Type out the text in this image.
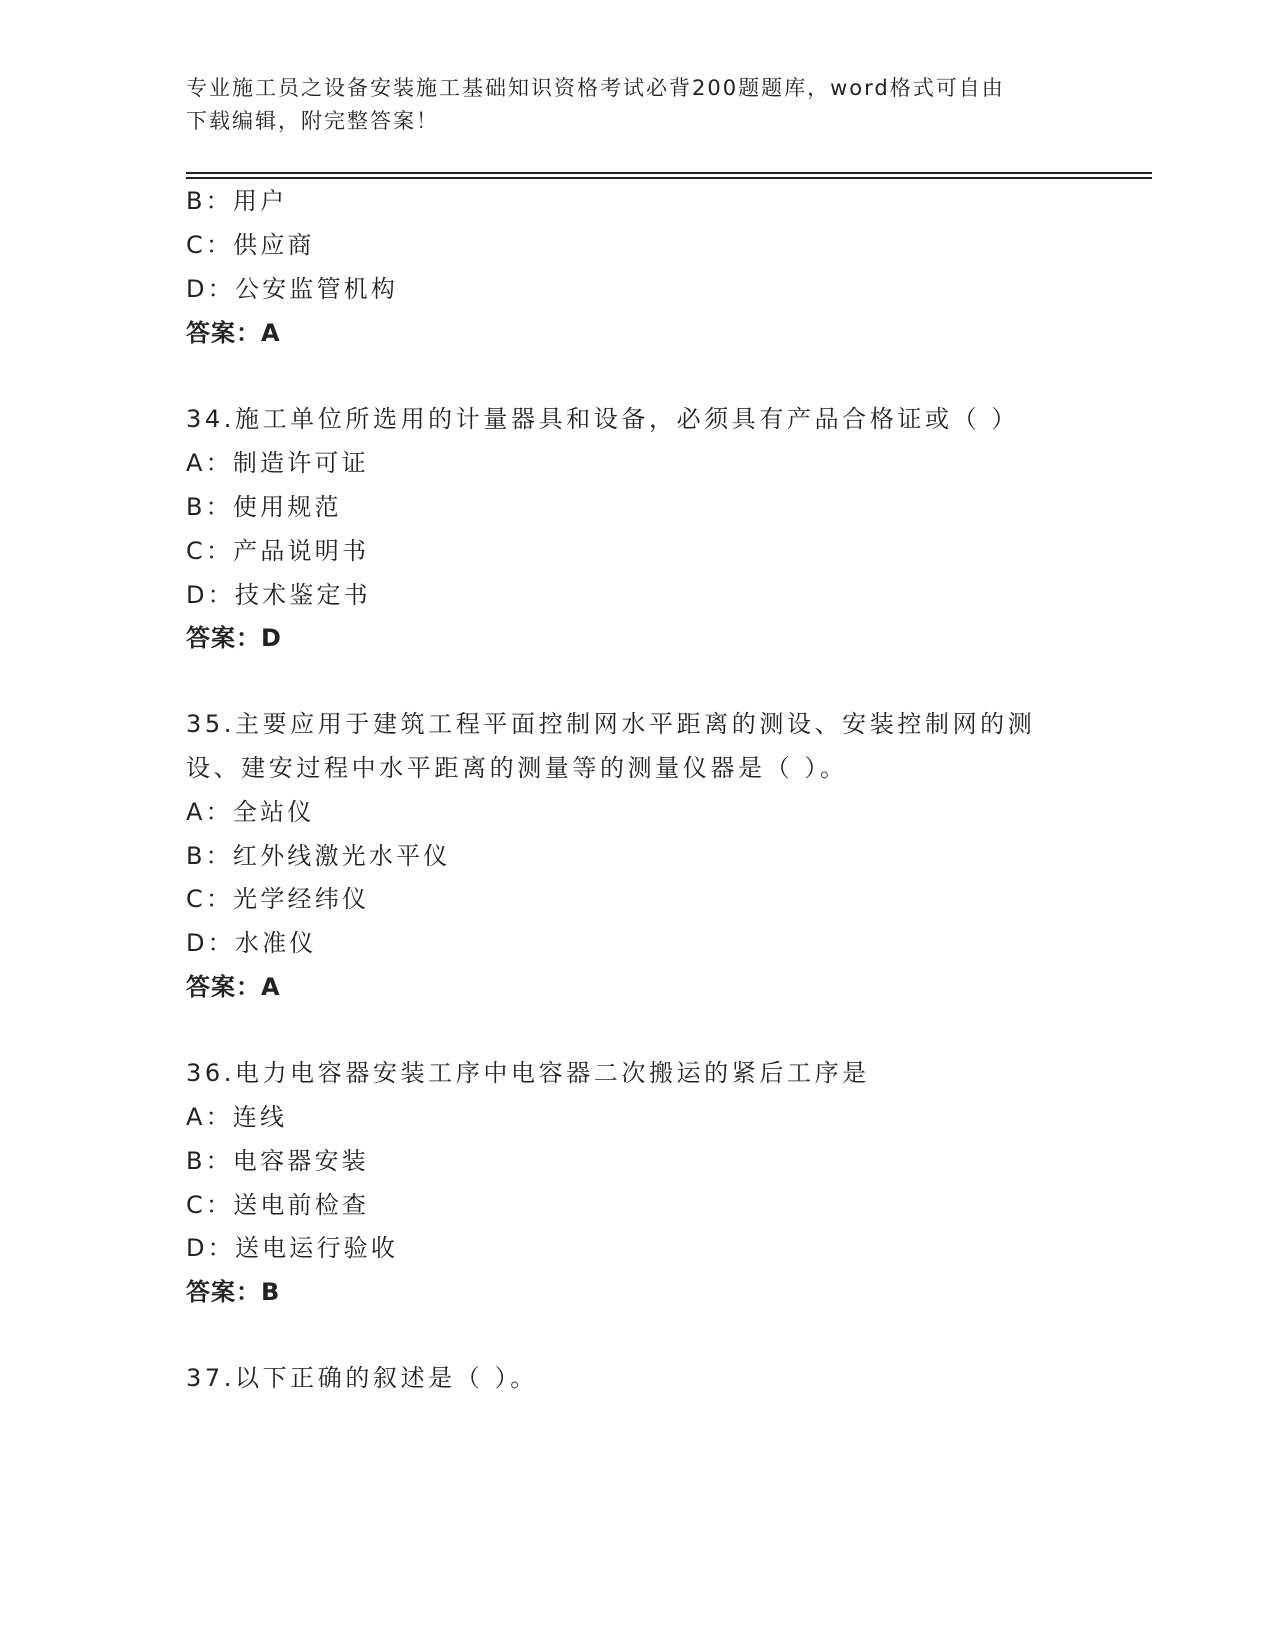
专业施工员之设备安装施工基础知识资格考试必背200题题库，word格式可自由
下载编辑，附完整答案！
B：用户
C：供应商
D：公安监管机构
答案：A
34.施工单位所选用的计量器具和设备，必须具有产品合格证或（ ）
A：制造许可证
B：使用规范
C：产品说明书
D：技术鉴定书
答案：D
35.主要应用于建筑工程平面控制网水平距离的测设、安装控制网的测
设、建安过程中水平距离的测量等的测量仪器是（ ）。
A：全站仪
B：红外线激光水平仪
C：光学经纬仪
D：水准仪
答案：A
36.电力电容器安装工序中电容器二次搬运的紧后工序是
A：连线
B：电容器安装
C：送电前检查
D：送电运行验收
答案：B
37.以下正确的叙述是（ ）。
